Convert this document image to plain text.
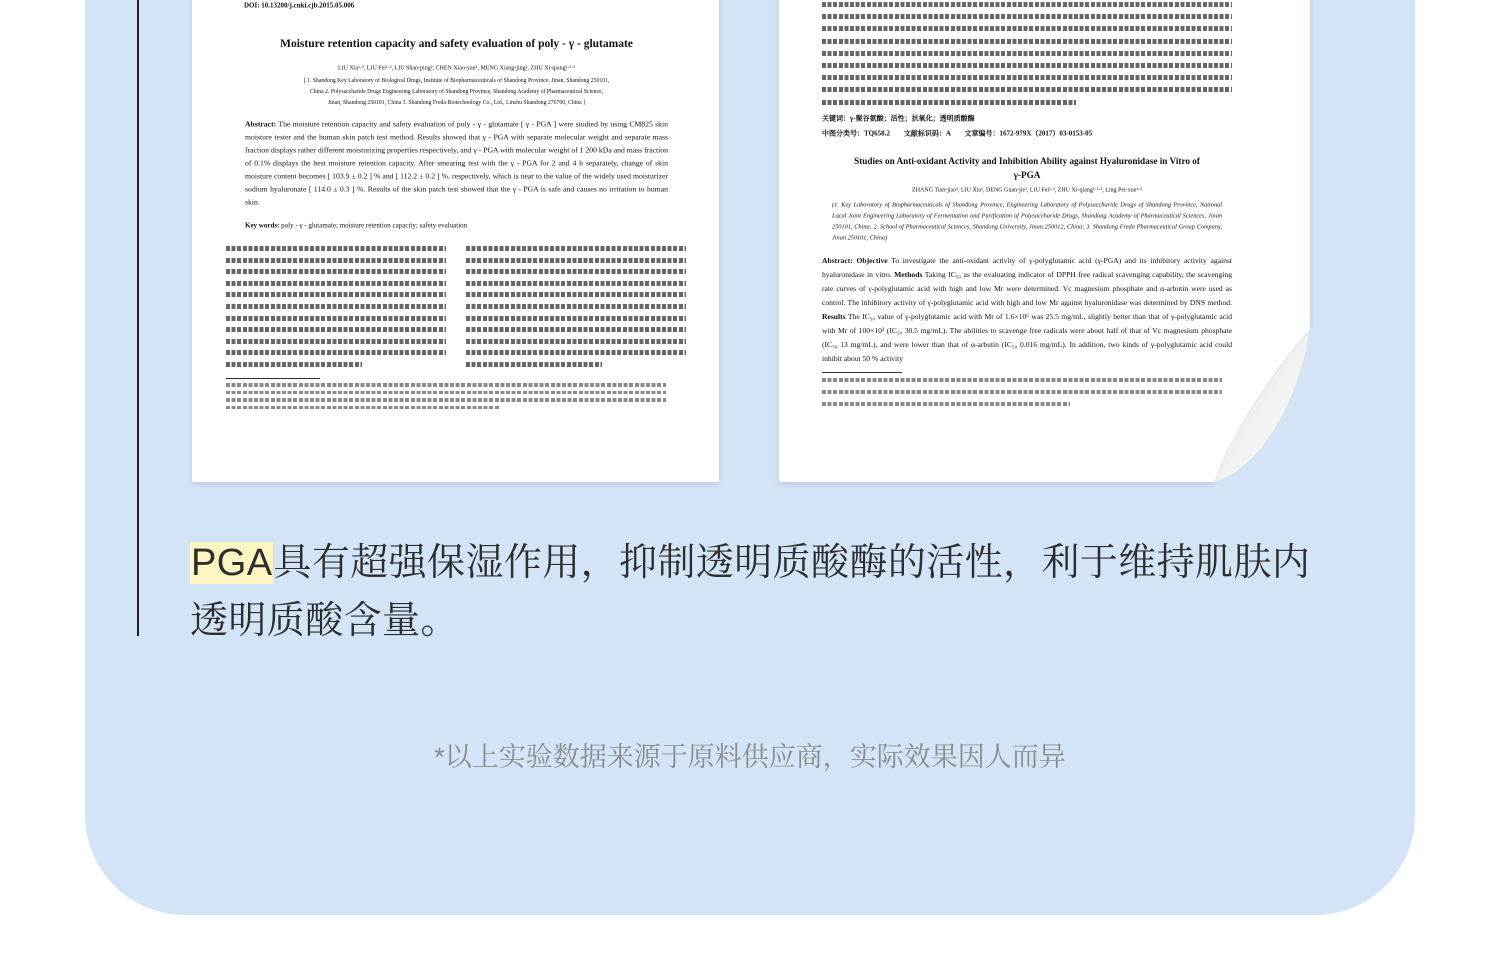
DOI: 10.13200/j.cnki.cjb.2015.05.006
Moisture retention capacity and safety evaluation of poly - γ - glutamate
LIU Xia¹·², LIU Fei¹·², LIU Shan-ping², CHEN Xiao-yan¹, MENG Xiang-jing², ZHU Xi-qiang¹·²·³
[ 1. Shandong Key Laboratory of Biological Drugs, Institute of Biopharmaceuticals of Shandong Province, Jinan, Shandong 250101,
China 2. Polysaccharide Drugs Engineering Laboratory of Shandong Province, Shandong Academy of Pharmaceutical Science,
Jinan, Shandong 250101, China 3. Shandong Freda Biotechnology Co., Ltd., Linshu Shandong 276700, China ]
Abstract: The moisture retention capacity and safety evaluation of poly - γ - glutamate [ γ - PGA ] were studied by using CM825 skin moisture tester and the human skin patch test method. Results showed that γ - PGA with separate molecular weight and separate mass fraction displays rather different moisturizing properties respectively, and γ - PGA with molecular weight of 1 200 kDa and mass fraction of 0.1% displays the best moisture retention capacity. After smearing test with the γ - PGA for 2 and 4 h separately, change of skin moisture content becomes [ 103.9 ± 0.2 ] % and [ 112.2 ± 0.2 ] %, respectively, which is near to the value of the widely used moisturizer sodium hyaluronate [ 114.0 ± 0.3 ] %. Results of the skin patch test showed that the γ - PGA is safe and causes no irritation to human skin.
Key words: poly - γ - glutamate; moisture retention capacity; safety evaluation
关键词：γ-聚谷氨酸；活性；抗氧化；透明质酸酶
中图分类号：TQ658.2　　文献标识码：A　　文章编号：1672-979X（2017）03-0153-05
Studies on Anti-oxidant Activity and Inhibition Ability against Hyaluronidase in Vitro of
γ-PGA
ZHANG Tian-jiao¹, LIU Xia¹, DENG Guan-jie², LIU Fei¹·², ZHU Xi-qiang¹·²·³, Ling Pei-xue¹·²
(1. Key Laboratory of Biopharmaceuticals of Shandong Province, Engineering Laboratory of Polysaccharide Drugs of Shandong Province, National Local Joint Engineering Laboratory of Fermentation and Purification of Polysaccharide Drugs, Shandong Academy of Pharmaceutical Sciences, Jinan 250101, China; 2. School of Pharmaceutical Sciences, Shandong University, Jinan 250012, China; 3. Shandong Freda Pharmaceutical Group Company, Jinan 250101, China)
Abstract: Objective To investigate the anti-oxidant activity of γ-polyglutamic acid (γ-PGA) and its inhibitory activity against hyaluronidase in vitro. Methods Taking IC₅₀ as the evaluating indicator of DPPH free radical scavenging capability, the scavenging rate curves of γ-polyglutamic acid with high and low Mr were determined. Vc magnesium phosphate and α-arbutin were used as control. The inhibitory activity of γ-polyglutamic acid with high and low Mr against hyaluronidase was determined by DNS method. Results The IC₅₀ value of γ-polyglutamic acid with Mr of 1.6×10⁶ was 25.5 mg/mL, slightly better than that of γ-polyglutamic acid with Mr of 100×10³ (IC₅₀ 30.5 mg/mL). The abilities to scavenge free radicals were about half of that of Vc magnesium phosphate (IC₅₀ 13 mg/mL), and were lower than that of α-arbutin (IC₅₀ 0.016 mg/mL). In addition, two kinds of γ-polyglutamic acid could inhibit about 50 % activity
PGA具有超强保湿作用，抑制透明质酸酶的活性，利于维持肌肤内
透明质酸含量。
*以上实验数据来源于原料供应商，实际效果因人而异
